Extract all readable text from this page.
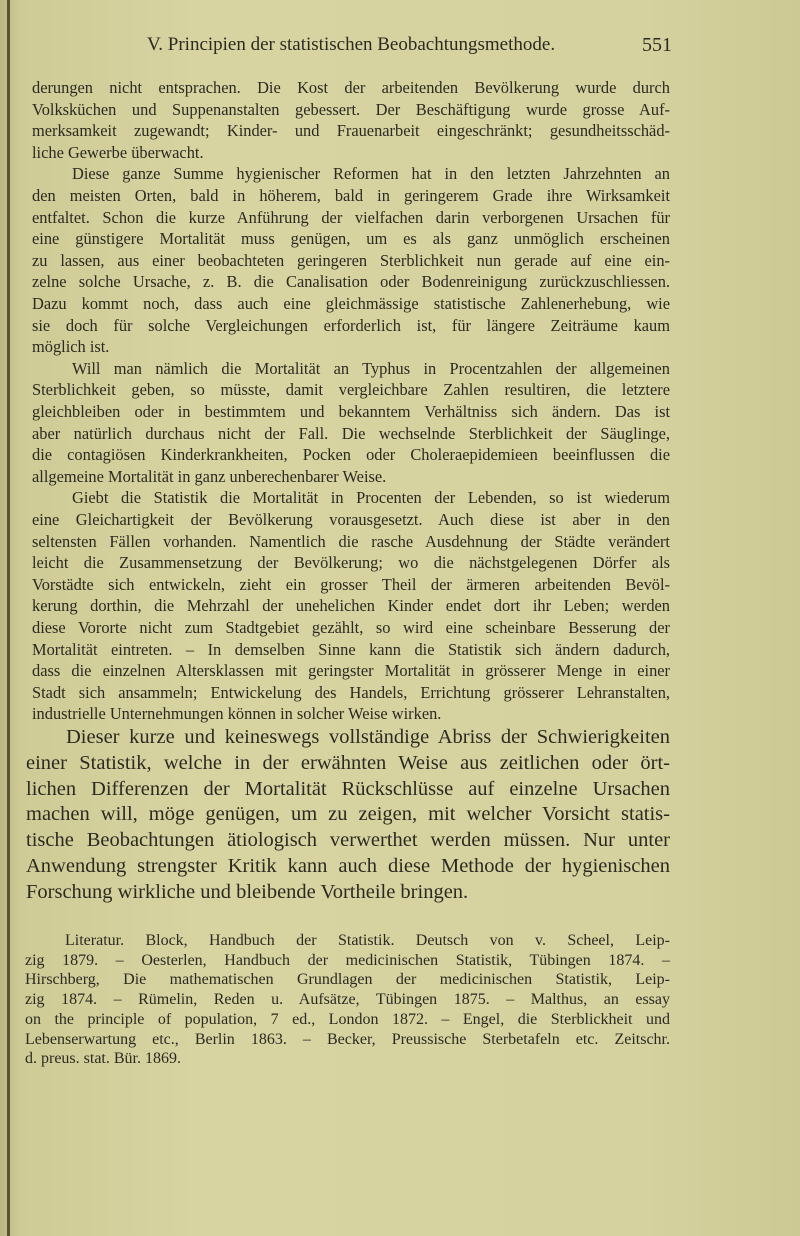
V. Principien der statistischen Beobachtungsmethode.	551
derungen nicht entsprachen. Die Kost der arbeitenden Bevölkerung wurde durch
Volksküchen und Suppenanstalten gebessert. Der Beschäftigung wurde grosse Auf-
merksamkeit zugewandt; Kinder- und Frauenarbeit eingeschränkt; gesundheitsschäd-
liche Gewerbe überwacht.
Diese ganze Summe hygienischer Reformen hat in den letzten Jahrzehnten an
den meisten Orten, bald in höherem, bald in geringerem Grade ihre Wirksamkeit
entfaltet. Schon die kurze Anführung der vielfachen darin verborgenen Ursachen für
eine günstigere Mortalität muss genügen, um es als ganz unmöglich erscheinen
zu lassen, aus einer beobachteten geringeren Sterblichkeit nun gerade auf eine ein-
zelne solche Ursache, z. B. die Canalisation oder Bodenreinigung zurückzuschliessen.
Dazu kommt noch, dass auch eine gleichmässige statistische Zahlenerhebung, wie
sie doch für solche Vergleichungen erforderlich ist, für längere Zeiträume kaum
möglich ist.
Will man nämlich die Mortalität an Typhus in Procentzahlen der allgemeinen
Sterblichkeit geben, so müsste, damit vergleichbare Zahlen resultiren, die letztere
gleichbleiben oder in bestimmtem und bekanntem Verhältniss sich ändern. Das ist
aber natürlich durchaus nicht der Fall. Die wechselnde Sterblichkeit der Säuglinge,
die contagiösen Kinderkrankheiten, Pocken oder Choleraepidemieen beeinflussen die
allgemeine Mortalität in ganz unberechenbarer Weise.
Giebt die Statistik die Mortalität in Procenten der Lebenden, so ist wiederum
eine Gleichartigkeit der Bevölkerung vorausgesetzt. Auch diese ist aber in den
seltensten Fällen vorhanden. Namentlich die rasche Ausdehnung der Städte verändert
leicht die Zusammensetzung der Bevölkerung; wo die nächstgelegenen Dörfer als
Vorstädte sich entwickeln, zieht ein grosser Theil der ärmeren arbeitenden Bevöl-
kerung dorthin, die Mehrzahl der unehelichen Kinder endet dort ihr Leben; werden
diese Vororte nicht zum Stadtgebiet gezählt, so wird eine scheinbare Besserung der
Mortalität eintreten. – In demselben Sinne kann die Statistik sich ändern dadurch,
dass die einzelnen Altersklassen mit geringster Mortalität in grösserer Menge in einer
Stadt sich ansammeln; Entwickelung des Handels, Errichtung grösserer Lehranstalten,
industrielle Unternehmungen können in solcher Weise wirken.
Dieser kurze und keineswegs vollständige Abriss der Schwierigkeiten
einer Statistik, welche in der erwähnten Weise aus zeitlichen oder ört-
lichen Differenzen der Mortalität Rückschlüsse auf einzelne Ursachen
machen will, möge genügen, um zu zeigen, mit welcher Vorsicht statis-
tische Beobachtungen ätiologisch verwerthet werden müssen. Nur unter
Anwendung strengster Kritik kann auch diese Methode der hygienischen
Forschung wirkliche und bleibende Vortheile bringen.
Literatur. Block, Handbuch der Statistik. Deutsch von v. Scheel, Leip-
zig 1879. – Oesterlen, Handbuch der medicinischen Statistik, Tübingen 1874. –
Hirschberg, Die mathematischen Grundlagen der medicinischen Statistik, Leip-
zig 1874. – Rümelin, Reden u. Aufsätze, Tübingen 1875. – Malthus, an essay
on the principle of population, 7 ed., London 1872. – Engel, die Sterblickheit und
Lebenserwartung etc., Berlin 1863. – Becker, Preussische Sterbetafeln etc. Zeitschr.
d. preus. stat. Bür. 1869.
